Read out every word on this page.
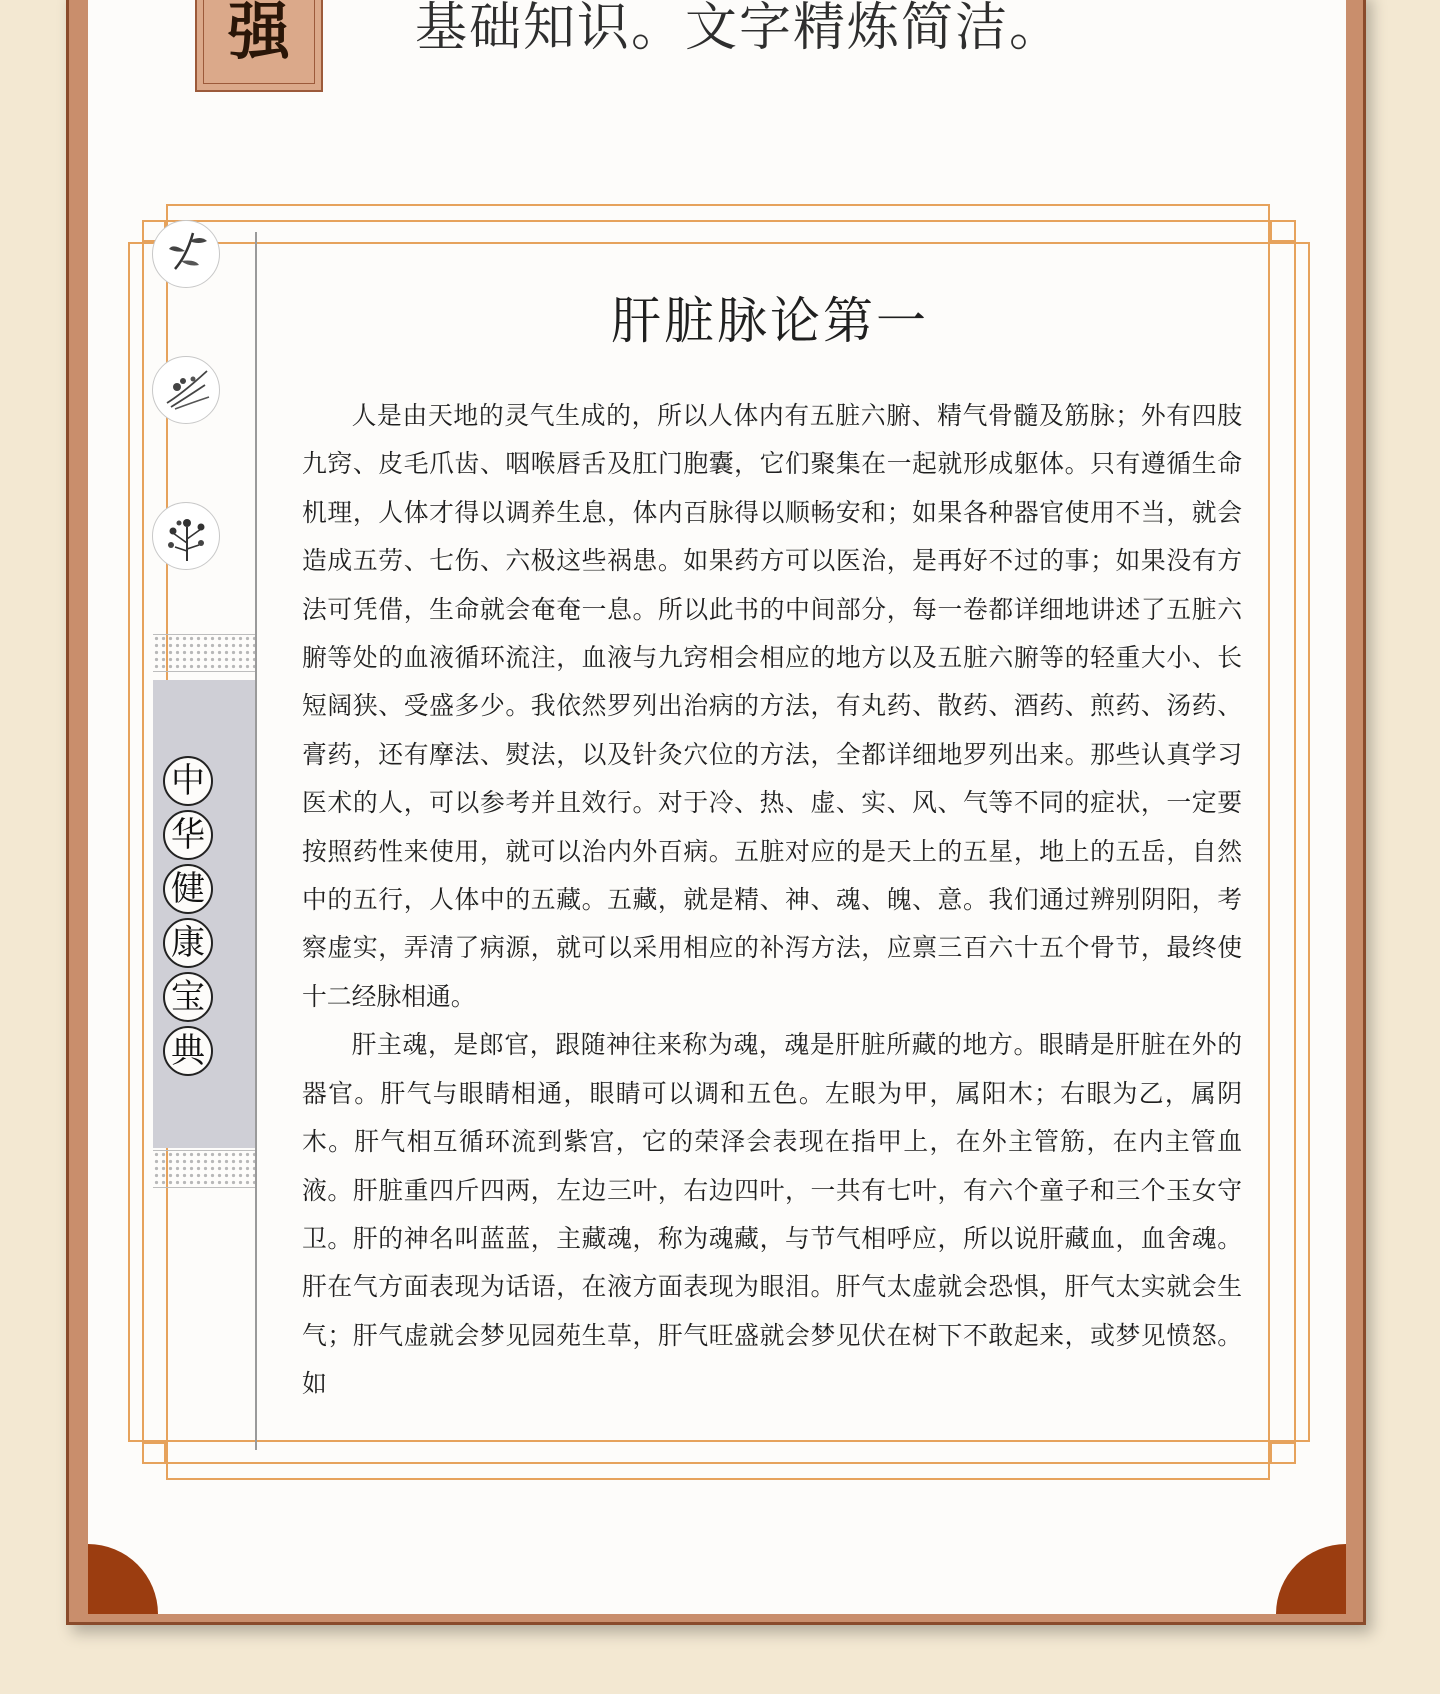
强	基础知识。文字精炼简洁。
中
华
健
康
宝
典
肝脏脉论第一

人是由天地的灵气生成的，所以人体内有五脏六腑、精气骨髓及筋脉；外有四肢九窍、皮毛爪齿、咽喉唇舌及肛门胞囊，它们聚集在一起就形成躯体。只有遵循生命机理，人体才得以调养生息，体内百脉得以顺畅安和；如果各种器官使用不当，就会造成五劳、七伤、六极这些祸患。如果药方可以医治，是再好不过的事；如果没有方法可凭借，生命就会奄奄一息。所以此书的中间部分，每一卷都详细地讲述了五脏六腑等处的血液循环流注，血液与九窍相会相应的地方以及五脏六腑等的轻重大小、长短阔狭、受盛多少。我依然罗列出治病的方法，有丸药、散药、酒药、煎药、汤药、膏药，还有摩法、熨法，以及针灸穴位的方法，全都详细地罗列出来。那些认真学习医术的人，可以参考并且效行。对于冷、热、虚、实、风、气等不同的症状，一定要按照药性来使用，就可以治内外百病。五脏对应的是天上的五星，地上的五岳，自然中的五行，人体中的五藏。五藏，就是精、神、魂、魄、意。我们通过辨别阴阳，考察虚实，弄清了病源，就可以采用相应的补泻方法，应禀三百六十五个骨节，最终使十二经脉相通。

肝主魂，是郎官，跟随神往来称为魂，魂是肝脏所藏的地方。眼睛是肝脏在外的器官。肝气与眼睛相通，眼睛可以调和五色。左眼为甲，属阳木；右眼为乙，属阴木。肝气相互循环流到紫宫，它的荣泽会表现在指甲上，在外主管筋，在内主管血液。肝脏重四斤四两，左边三叶，右边四叶，一共有七叶，有六个童子和三个玉女守卫。肝的神名叫蓝蓝，主藏魂，称为魂藏，与节气相呼应，所以说肝藏血，血舍魂。肝在气方面表现为话语，在液方面表现为眼泪。肝气太虚就会恐惧，肝气太实就会生气；肝气虚就会梦见园苑生草，肝气旺盛就会梦见伏在树下不敢起来，或梦见愤怒。如
